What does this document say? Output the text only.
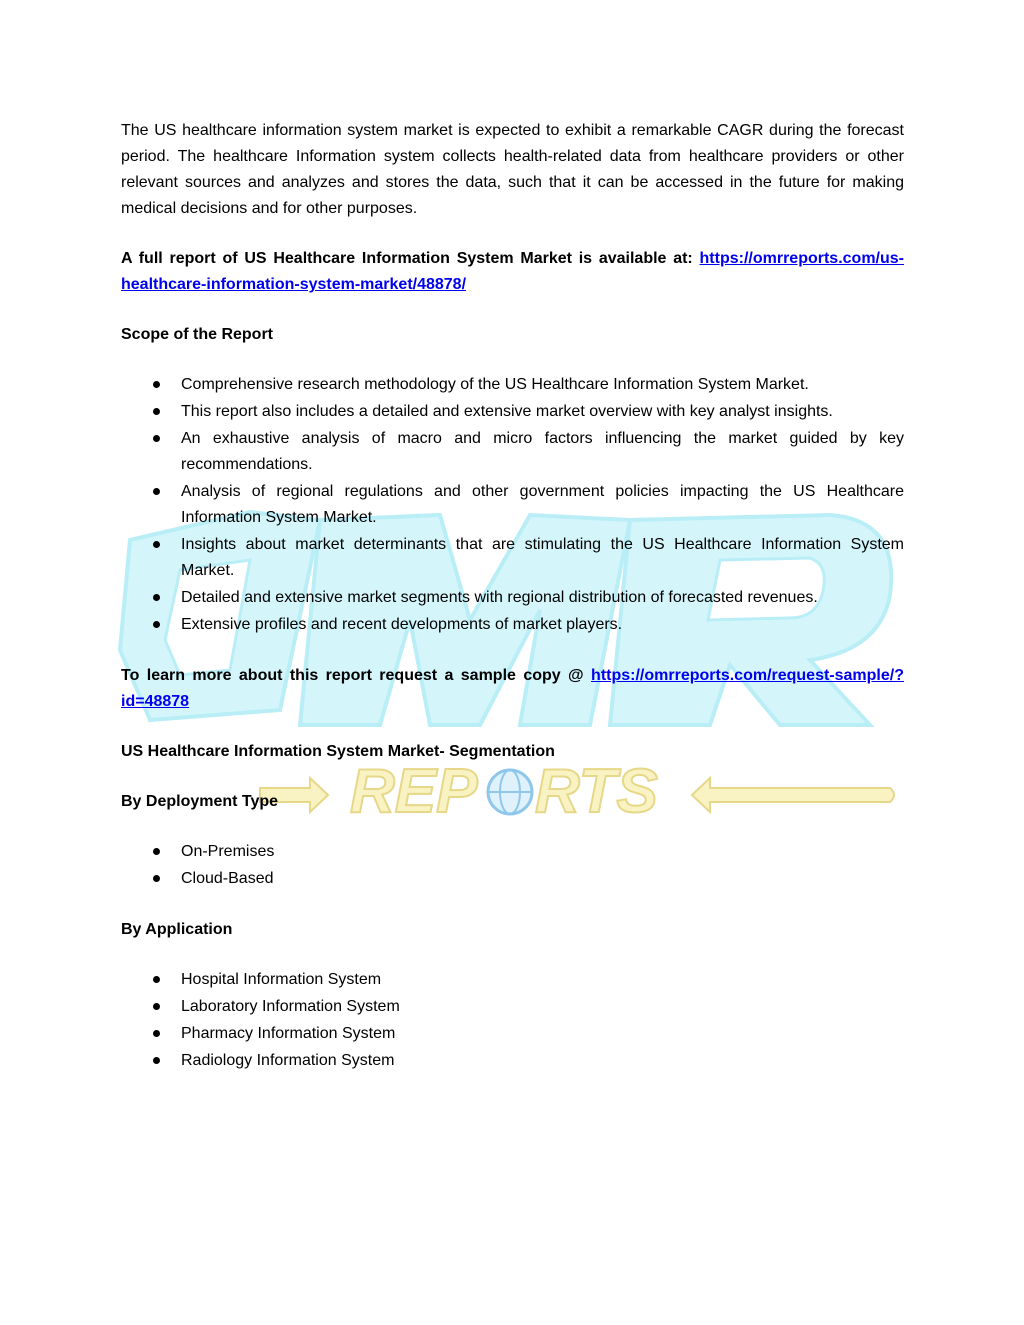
The US healthcare information system market is expected to exhibit a remarkable CAGR during the forecast period. The healthcare Information system collects health-related data from healthcare providers or other relevant sources and analyzes and stores the data, such that it can be accessed in the future for making medical decisions and for other purposes.

A full report of US Healthcare Information System Market is available at: https://omrreports.com/us-healthcare-information-system-market/48878/

Scope of the Report

Comprehensive research methodology of the US Healthcare Information System Market.
This report also includes a detailed and extensive market overview with key analyst insights.
An exhaustive analysis of macro and micro factors influencing the market guided by key recommendations.
Analysis of regional regulations and other government policies impacting the US Healthcare Information System Market.
Insights about market determinants that are stimulating the US Healthcare Information System Market.
Detailed and extensive market segments with regional distribution of forecasted revenues.
Extensive profiles and recent developments of market players.

To learn more about this report request a sample copy @ https://omrreports.com/request-sample/?id=48878

US Healthcare Information System Market- Segmentation

By Deployment Type

On-Premises
Cloud-Based

By Application

Hospital Information System
Laboratory Information System
Pharmacy Information System
Radiology Information System
REP RTS
